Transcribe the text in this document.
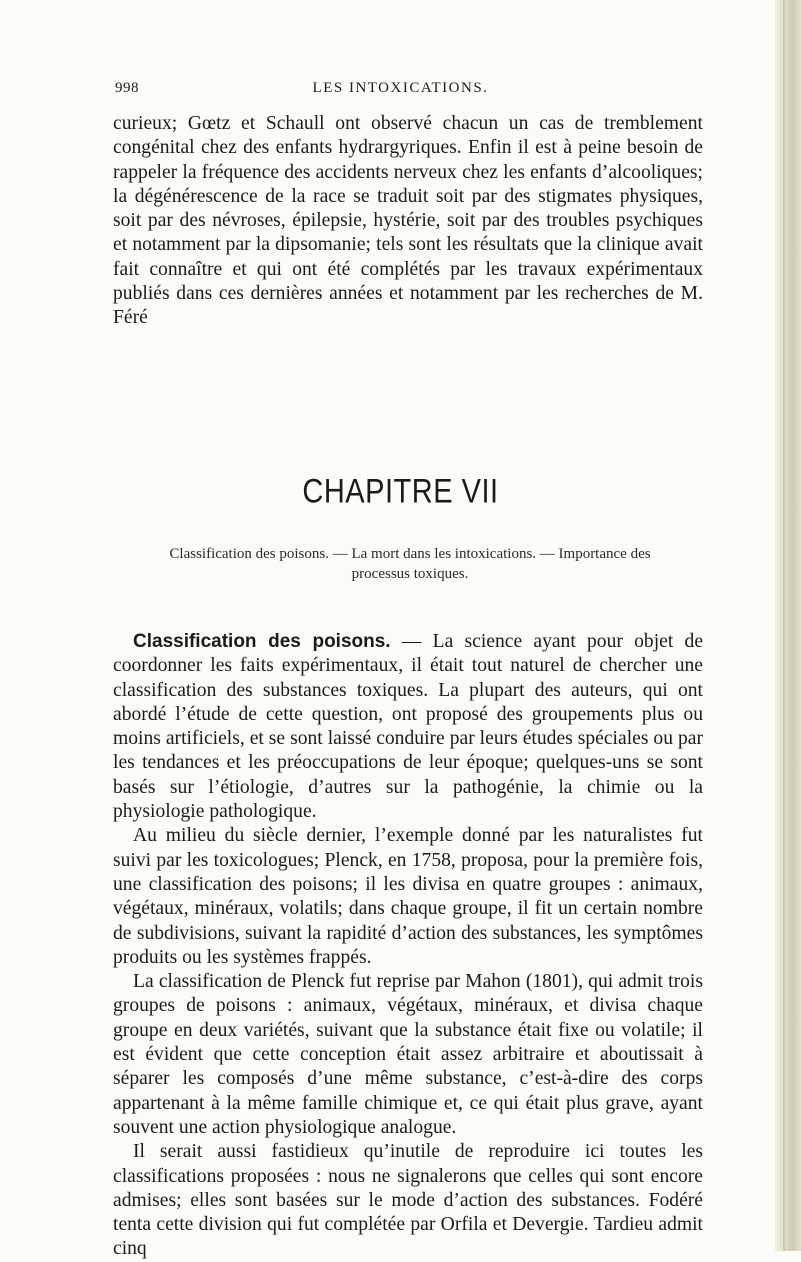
998	LES INTOXICATIONS.

curieux; Gœtz et Schaull ont observé chacun un cas de tremblement congénital chez des enfants hydrargyriques. Enfin il est à peine besoin de rappeler la fréquence des accidents nerveux chez les enfants d’alcooliques; la dégénérescence de la race se traduit soit par des stigmates physiques, soit par des névroses, épilepsie, hystérie, soit par des troubles psychiques et notamment par la dipsomanie; tels sont les résultats que la clinique avait fait connaître et qui ont été complétés par les travaux expérimentaux publiés dans ces dernières années et notamment par les recherches de M. Féré

CHAPITRE VII
Classification des poisons. — La mort dans les intoxications. — Importance des processus toxiques.

Classification des poisons. — La science ayant pour objet de coordonner les faits expérimentaux, il était tout naturel de chercher une classification des substances toxiques. La plupart des auteurs, qui ont abordé l’étude de cette question, ont proposé des groupements plus ou moins artificiels, et se sont laissé conduire par leurs études spéciales ou par les tendances et les préoccupations de leur époque; quelques-uns se sont basés sur l’étiologie, d’autres sur la pathogénie, la chimie ou la physiologie pathologique.

Au milieu du siècle dernier, l’exemple donné par les naturalistes fut suivi par les toxicologues; Plenck, en 1758, proposa, pour la première fois, une classification des poisons; il les divisa en quatre groupes : animaux, végétaux, minéraux, volatils; dans chaque groupe, il fit un certain nombre de subdivisions, suivant la rapidité d’action des substances, les symptômes produits ou les systèmes frappés.

La classification de Plenck fut reprise par Mahon (1801), qui admit trois groupes de poisons : animaux, végétaux, minéraux, et divisa chaque groupe en deux variétés, suivant que la substance était fixe ou volatile; il est évident que cette conception était assez arbitraire et aboutissait à séparer les composés d’une même substance, c’est-à-dire des corps appartenant à la même famille chimique et, ce qui était plus grave, ayant souvent une action physiologique analogue.

Il serait aussi fastidieux qu’inutile de reproduire ici toutes les classifications proposées : nous ne signalerons que celles qui sont encore admises; elles sont basées sur le mode d’action des substances. Fodéré tenta cette division qui fut complétée par Orfila et Devergie. Tardieu admit cinq
